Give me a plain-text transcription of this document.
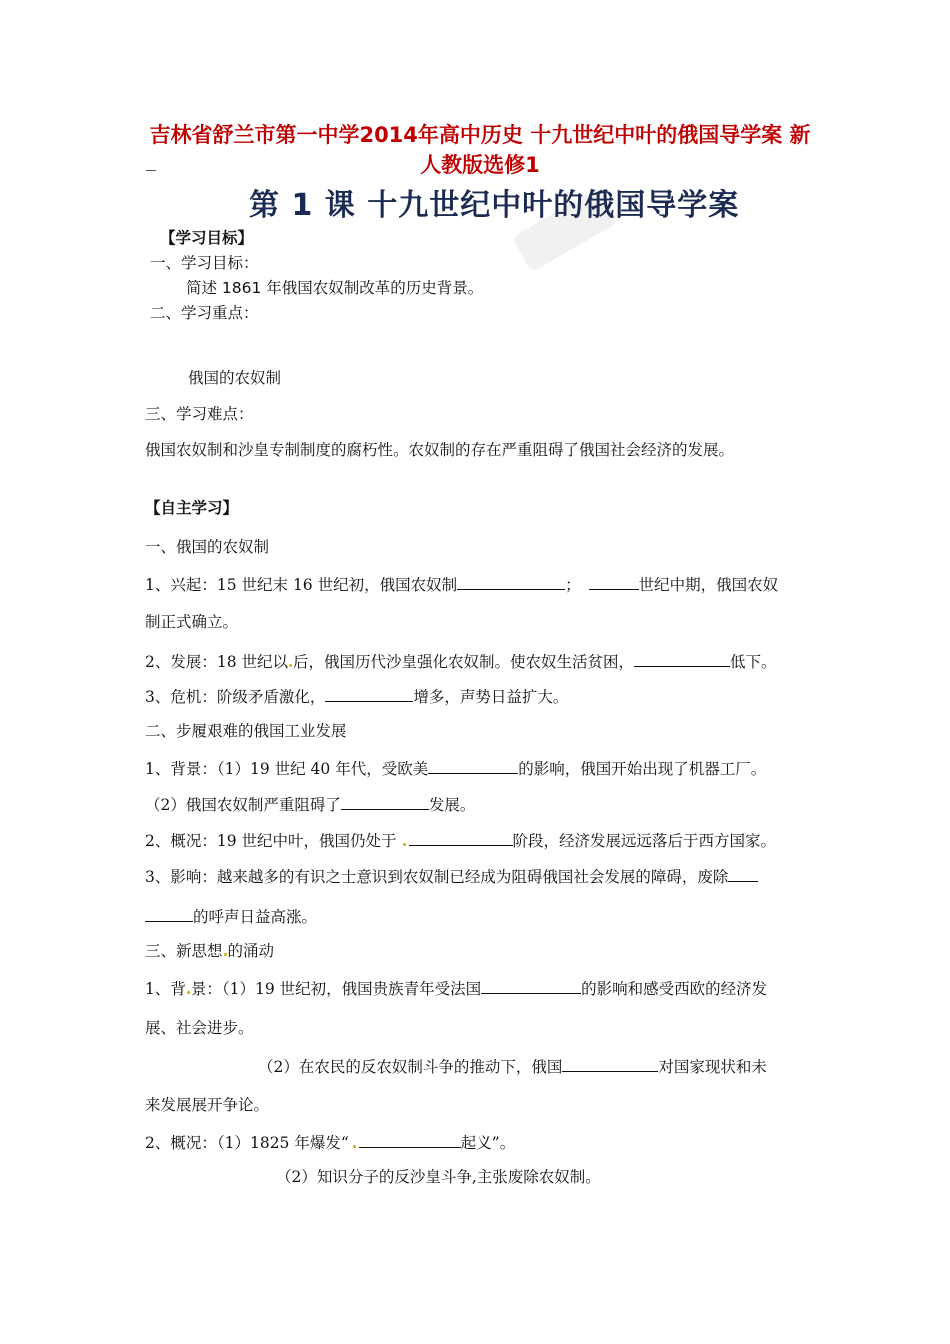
吉林省舒兰市第一中学2014年高中历史 十九世纪中叶的俄国导学案 新人教版选修1
第 1 课 十九世纪中叶的俄国导学案
【学习目标】
一、学习目标：
简述 1861 年俄国农奴制改革的历史背景。
二、学习重点：
俄国的农奴制
三、学习难点：
俄国农奴制和沙皇专制制度的腐朽性。农奴制的存在严重阻碍了俄国社会经济的发展。
【自主学习】
一、俄国的农奴制
1、兴起：15 世纪末 16 世纪初，俄国农奴制	；	世纪中期，俄国农奴
制正式确立。
2、发展：18 世纪以 后，俄国历代沙皇强化农奴制。使农奴生活贫困，	低下。
3、危机：阶级矛盾激化，	增多，声势日益扩大。
二、步履艰难的俄国工业发展
1、背景：（1）19 世纪 40 年代，受欧美	的影响，俄国开始出现了机器工厂。
（2）俄国农奴制严重阻碍了	发展。
2、概况：19 世纪中叶，俄国仍处于	阶段，经济发展远远落后于西方国家。
3、影响：越来越多的有识之士意识到农奴制已经成为阻碍俄国社会发展的障碍，废除
的呼声日益高涨。
三、新思想 的涌动
1、背 景：（1）19 世纪初，俄国贵族青年受法国	的影响和感受西欧的经济发
展、社会进步。
（2）在农民的反农奴制斗争的推动下，俄国	对国家现状和未
来发展展开争论。
2、概况：（1）1825 年爆发“	起义”。
（2）知识分子的反沙皇斗争,主张废除农奴制。
